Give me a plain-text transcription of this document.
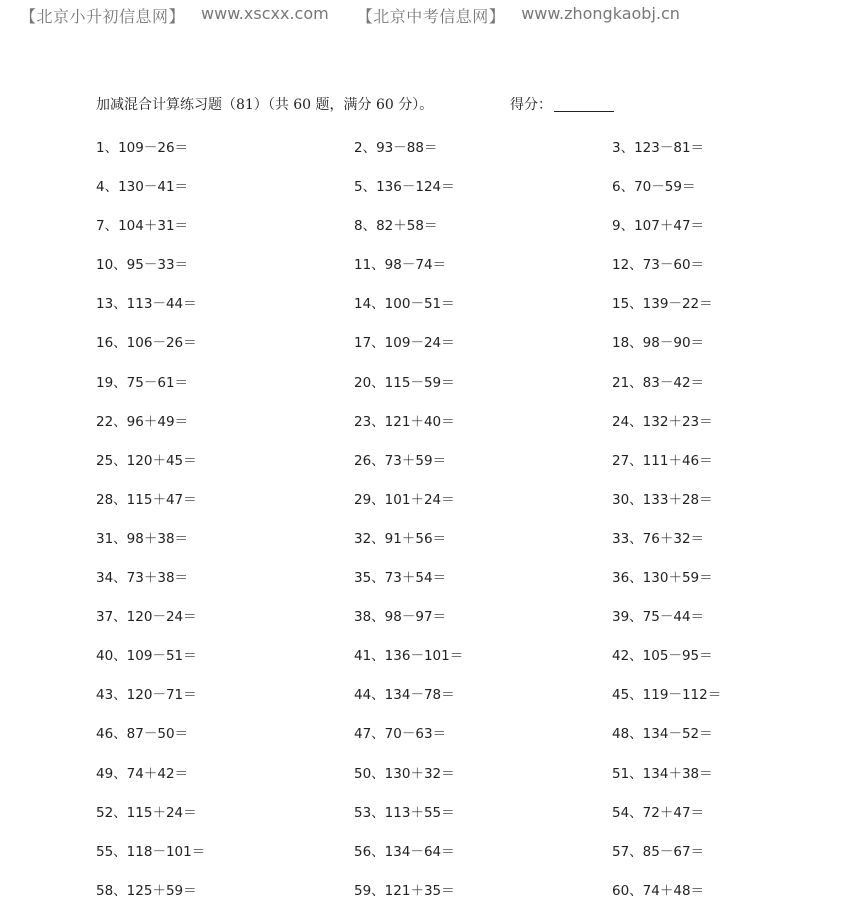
【北京小升初信息网】 www.xscxx.com 【北京中考信息网】 www.zhongkaobj.cn
加减混合计算练习题（81）（共 60 题，满分 60 分）。	得分：
1、109－26＝	2、93－88＝	3、123－81＝
4、130－41＝	5、136－124＝	6、70－59＝
7、104＋31＝	8、82＋58＝	9、107＋47＝
10、95－33＝	11、98－74＝	12、73－60＝
13、113－44＝	14、100－51＝	15、139－22＝
16、106－26＝	17、109－24＝	18、98－90＝
19、75－61＝	20、115－59＝	21、83－42＝
22、96＋49＝	23、121＋40＝	24、132＋23＝
25、120＋45＝	26、73＋59＝	27、111＋46＝
28、115＋47＝	29、101＋24＝	30、133＋28＝
31、98＋38＝	32、91＋56＝	33、76＋32＝
34、73＋38＝	35、73＋54＝	36、130＋59＝
37、120－24＝	38、98－97＝	39、75－44＝
40、109－51＝	41、136－101＝	42、105－95＝
43、120－71＝	44、134－78＝	45、119－112＝
46、87－50＝	47、70－63＝	48、134－52＝
49、74＋42＝	50、130＋32＝	51、134＋38＝
52、115＋24＝	53、113＋55＝	54、72＋47＝
55、118－101＝	56、134－64＝	57、85－67＝
58、125＋59＝	59、121＋35＝	60、74＋48＝
